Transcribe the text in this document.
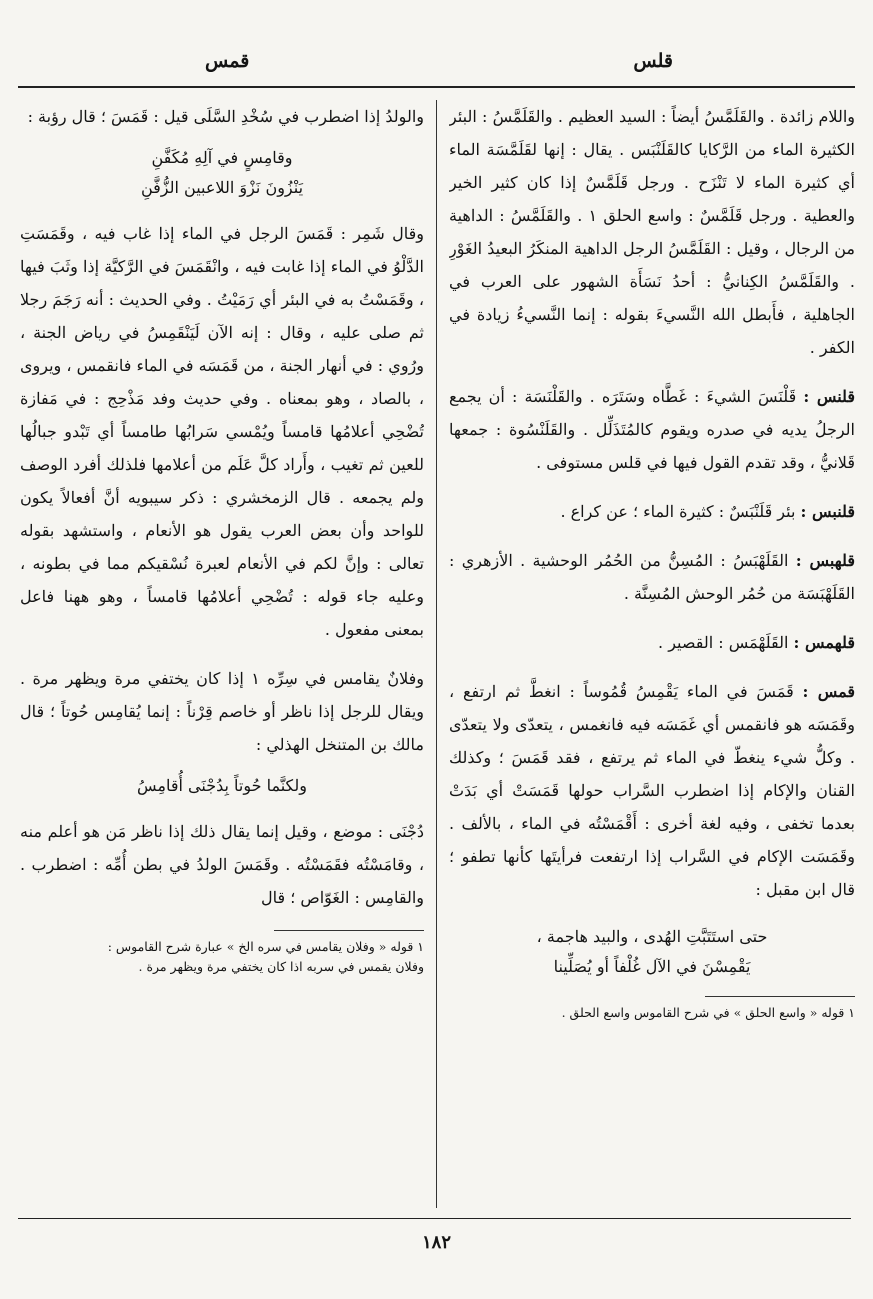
قلس
قمس

واللام زائدة . والقَلَمَّسُ أيضاً : السيد العظيم . والقَلَمَّسُ : البئر الكثيرة الماء من الرَّكايا كالقَلَنْبَس . يقال : إنها لقَلَمَّسَة الماء أي كثيرة الماء لا تَنْزَح . ورجل قَلَمَّسٌ إذا كان كثير الخير والعطية . ورجل قَلَمَّسٌ : واسع الحلق ١ . والقَلَمَّسُ : الداهية من الرجال ، وقيل : القَلَمَّسُ الرجل الداهية المنكَرُ البعيدُ الغَوْرِ . والقَلَمَّسُ الكِنانيُّ : أحدُ نَسَأَة الشهور على العرب في الجاهلية ، فأَبطل الله النَّسيءَ بقوله : إنما النَّسيءُ زيادة في الكفر .

قلنس : قَلْنَسَ الشيءَ : غَطَّاه وسَتَرَه . والقَلْنَسَة : أن يجمع الرجلُ يديه في صدره ويقوم كالمُتَذَلِّل . والقَلَنْسُوة : جمعها قَلانيُّ ، وقد تقدم القول فيها في قلس مستوفى .

قلنبس : بئر قَلَنْبَسٌ : كثيرة الماء ؛ عن كراع .

قلهبس : القَلَهْبَسُ : المُسِنُّ من الحُمُر الوحشية . الأزهري : القَلَهْبَسَة من حُمُر الوحش المُسِنَّة .

قلهمس : القَلَهْمَس : القصير .

قمس : قَمَسَ في الماء يَقْمِسُ قُمُوساً : انغطَّ ثم ارتفع ، وقَمَسَه هو فانقمس أي غَمَسَه فيه فانغمس ، يتعدّى ولا يتعدّى . وكلُّ شيء ينغطّ في الماء ثم يرتفع ، فقد قَمَسَ ؛ وكذلك القنان والإكام إذا اضطرب السَّراب حولها قَمَسَتْ أي بَدَتْ بعدما تخفى ، وفيه لغة أخرى : أَقْمَسْتُه في الماء ، بالألف . وقَمَسَت الإكام في السَّراب إذا ارتفعت فرأيتَها كأنها تطفو ؛ قال ابن مقبل :

حتى استَتَبَّتِ الهُدى ، والبيد هاجمة ،
يَقْمِسْنَ في الآل غُلْفاً أو يُصَلِّينا
١ قوله « واسع الحلق » في شرح القاموس واسع الحلق .

والولدُ إذا اضطرب في سُخْدِ السَّلَى قيل : قَمَسَ ؛ قال رؤبة :

وقامِسٍ في آلِهِ مُكَفَّنِ
يَنْزُونَ نَزْوَ اللاعبين الزُّفَّنِ

وقال شَمِر : قَمَسَ الرجل في الماء إذا غاب فيه ، وقَمَسَتِ الدَّلْوُ في الماء إذا غابت فيه ، وانْقَمَسَ في الرَّكيَّة إذا وثَبَ فيها ، وقَمَسْتُ به في البئر أي رَمَيْتُ . وفي الحديث : أنه رَجَمَ رجلا ثم صلى عليه ، وقال : إنه الآن لَيَنْقَمِسُ في رياض الجنة ، ورُوي : في أنهار الجنة ، من قَمَسَه في الماء فانقمس ، ويروى ، بالصاد ، وهو بمعناه . وفي حديث وفد مَذْحِج : في مَفازة تُضْحِي أعلامُها قامساً ويُمْسي سَرابُها طامساً أي تَبْدو جبالُها للعين ثم تغيب ، وأَراد كلَّ عَلَم من أعلامها فلذلك أفرد الوصف ولم يجمعه . قال الزمخشري : ذكر سيبويه أنَّ أفعالاً يكون للواحد وأن بعض العرب يقول هو الأنعام ، واستشهد بقوله تعالى : وإنَّ لكم في الأنعام لعبرة نُسْقيكم مما في بطونه ، وعليه جاء قوله : تُضْحِي أعلامُها قامساً ، وهو ههنا فاعل بمعنى مفعول .

وفلانٌ يقامس في سِرِّه ١ إذا كان يختفي مرة ويظهر مرة . ويقال للرجل إذا ناظر أو خاصم قِرْناً : إنما يُقامِس حُوتاً ؛ قال مالك بن المتنخل الهذلي :

ولكنَّما حُوتاً بِدُجْنَى أُقامِسُ

دُجْنَى : موضع ، وقيل إنما يقال ذلك إذا ناظر مَن هو أعلم منه ، وقامَسْتُه فقَمَسْتُه . وقَمَسَ الولدُ في بطن أُمِّه : اضطرب . والقامِس : الغَوّاص ؛ قال

١ قوله « وفلان يقامس في سره الخ » عبارة شرح القاموس :
وفلان يقمس في سربه اذا كان يختفي مرة ويظهر مرة .
١٨٢
